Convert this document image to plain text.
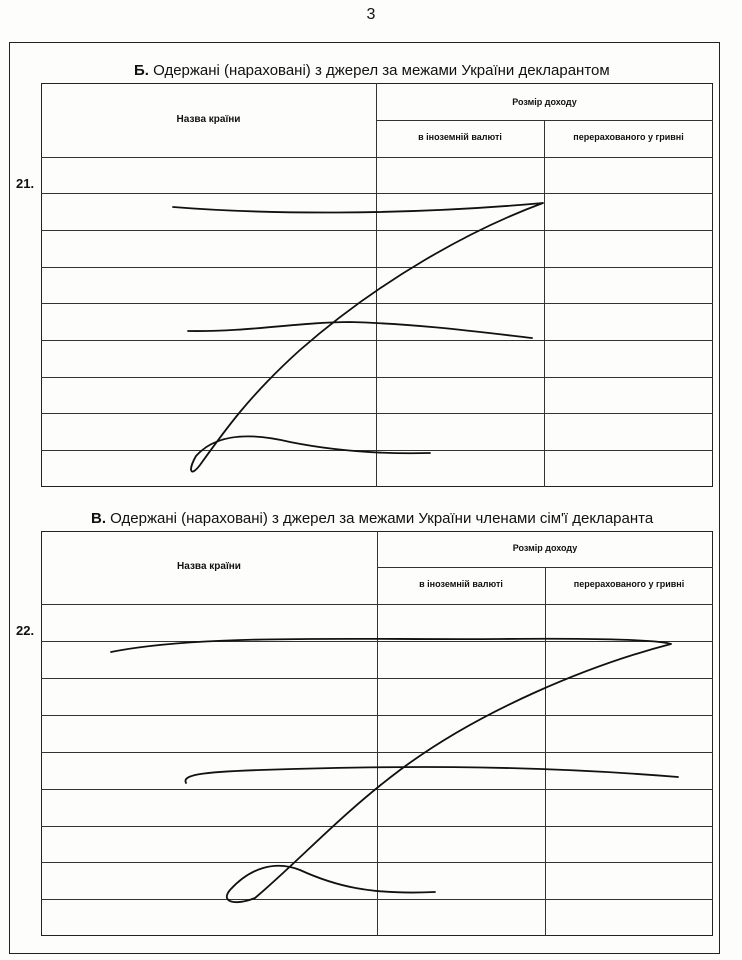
3
Б. Одержані (нараховані) з джерел за межами України декларантом
Назва країни
Розмір доходу
в іноземній валюті	перерахованого у гривні
21.
В. Одержані (нараховані) з джерел за межами України членами сім'ї декларанта
Назва країни
Розмір доходу
в іноземній валюті	перерахованого у гривні
22.
